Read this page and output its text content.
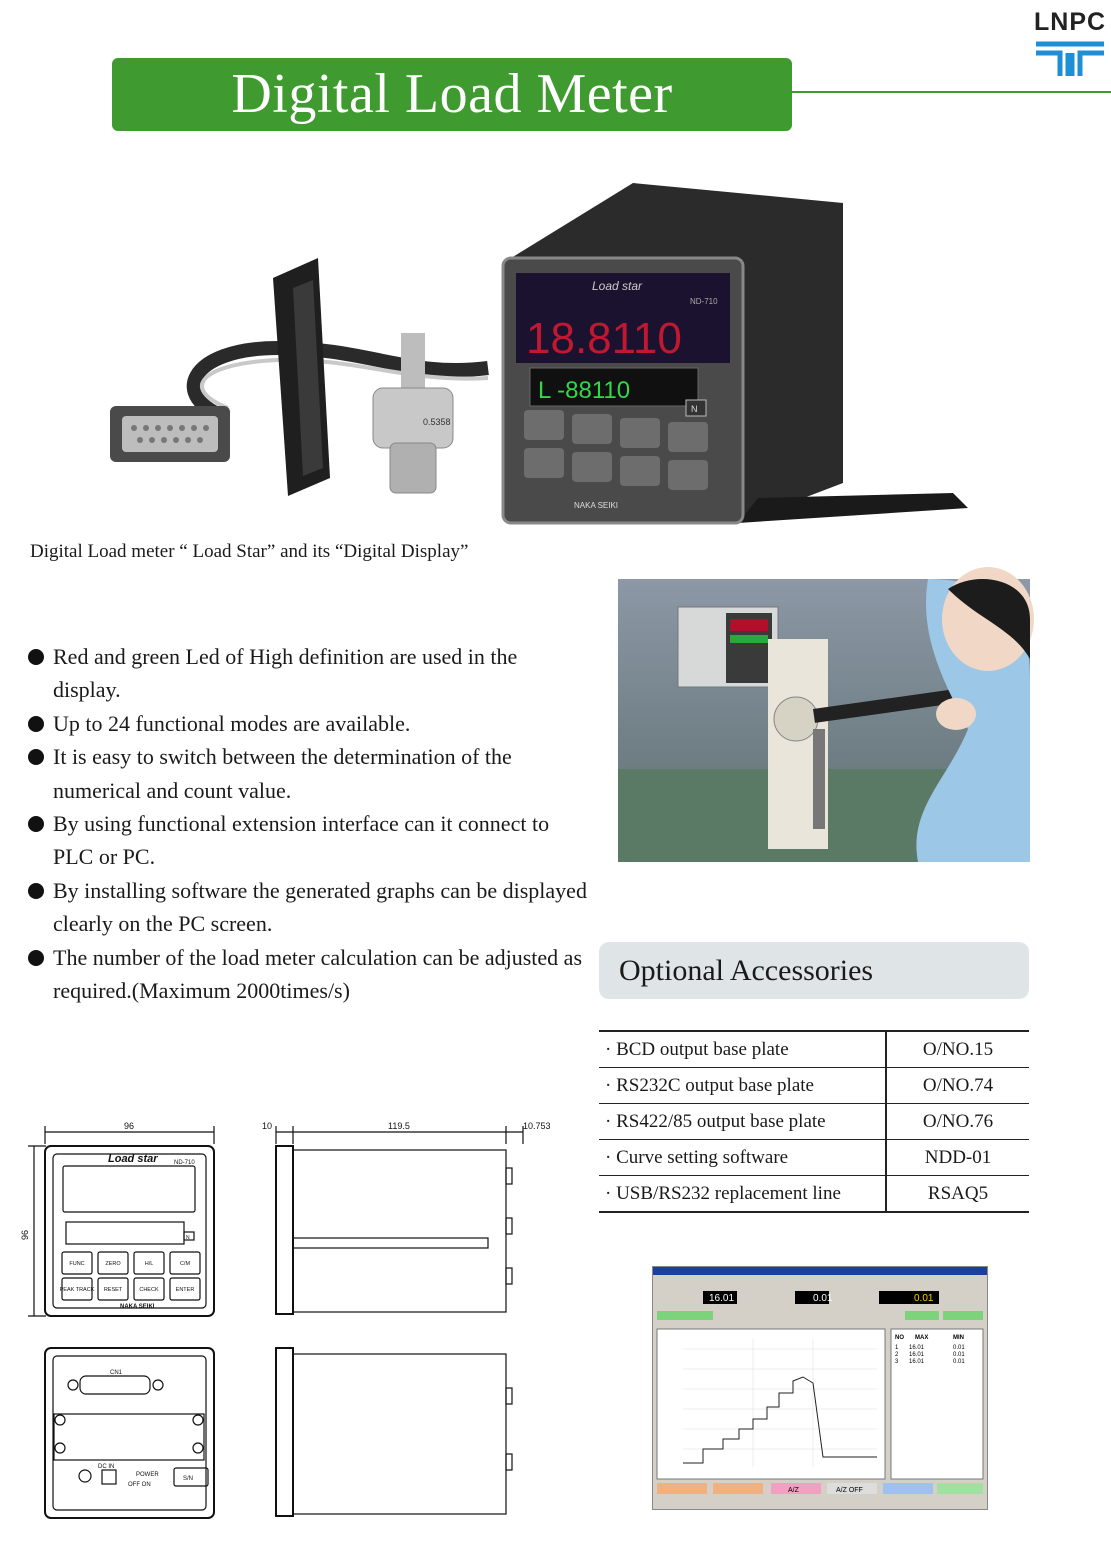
Digital Load Meter
LNPC
0.5358
Load star
ND-710
18.8110
L -88110
N
NAKA SEIKI
Digital Load meter “ Load Star” and its “Digital Display”
Red and green Led of High definition are used in the display.
Up to 24 functional modes are available.
It is easy to switch between the determination of the numerical and count value.
By using functional extension interface can it connect to PLC or PC.
By installing software the generated graphs can be displayed clearly on the PC screen.
The number of the load meter calculation can be adjusted as required.(Maximum 2000times/s)
Optional Accessories
· BCD output base plate	O/NO.15
· RS232C output base plate	O/NO.74
· RS422/85 output base plate	O/NO.76
· Curve setting software	NDD-01
· USB/RS232 replacement line	RSAQ5
96
96
10	119.5	10.753
Load star	ND-710
N
NAKA SEIKI
CN1
DC IN
POWER
OFF ON
S/N
FUNC	ZERO	H/L	C/M
PEAK TRACK RESET	CHECK	ENTER
16.01	0.01	0.01
NO MAX	MIN
1 16.01	0.01
2 16.01	0.01
3 16.01	0.01
A/Z	A/Z OFF
